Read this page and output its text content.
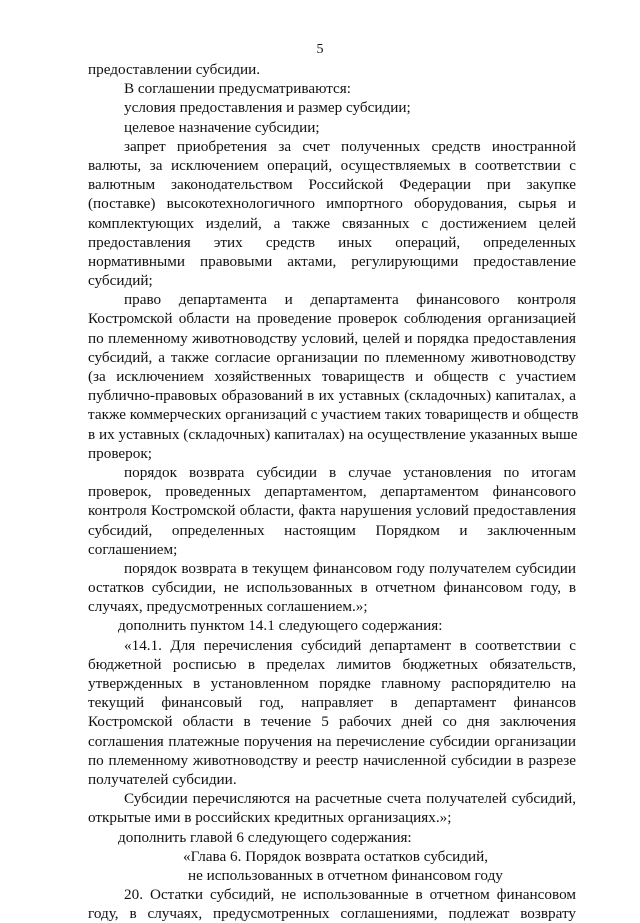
5
предоставлении субсидии.
В соглашении предусматриваются:
условия предоставления и размер субсидии;
целевое назначение субсидии;
запрет приобретения за счет полученных средств иностранной
валюты, за исключением операций, осуществляемых в соответствии с
валютным законодательством Российской Федерации при закупке
(поставке) высокотехнологичного импортного оборудования, сырья и
комплектующих изделий, а также связанных с достижением целей
предоставления этих средств иных операций, определенных
нормативными правовыми актами, регулирующими предоставление
субсидий;
право департамента и департамента финансового контроля
Костромской области на проведение проверок соблюдения организацией
по племенному животноводству условий, целей и порядка предоставления
субсидий, а также согласие организации по племенному животноводству
(за исключением хозяйственных товариществ и обществ с участием
публично-правовых образований в их уставных (складочных) капиталах, а
также коммерческих организаций с участием таких товариществ и обществ
в их уставных (складочных) капиталах) на осуществление указанных выше
проверок;
порядок возврата субсидии в случае установления по итогам
проверок, проведенных департаментом, департаментом финансового
контроля Костромской области, факта нарушения условий предоставления
субсидий, определенных настоящим Порядком и заключенным
соглашением;
порядок возврата в текущем финансовом году получателем субсидии
остатков субсидии, не использованных в отчетном финансовом году, в
случаях, предусмотренных соглашением.»;
дополнить пунктом 14.1 следующего содержания:
«14.1. Для перечисления субсидий департамент в соответствии с
бюджетной росписью в пределах лимитов бюджетных обязательств,
утвержденных в установленном порядке главному распорядителю на
текущий финансовый год, направляет в департамент финансов
Костромской области в течение 5 рабочих дней со дня заключения
соглашения платежные поручения на перечисление субсидии организации
по племенному животноводству и реестр начисленной субсидии в разрезе
получателей субсидии.
Субсидии перечисляются на расчетные счета получателей субсидий,
открытые ими в российских кредитных организациях.»;
дополнить главой 6 следующего содержания:
«Глава 6. Порядок возврата остатков субсидий,
не использованных в отчетном финансовом году
20. Остатки субсидий, не использованные в отчетном финансовом
году, в случаях, предусмотренных соглашениями, подлежат возврату
